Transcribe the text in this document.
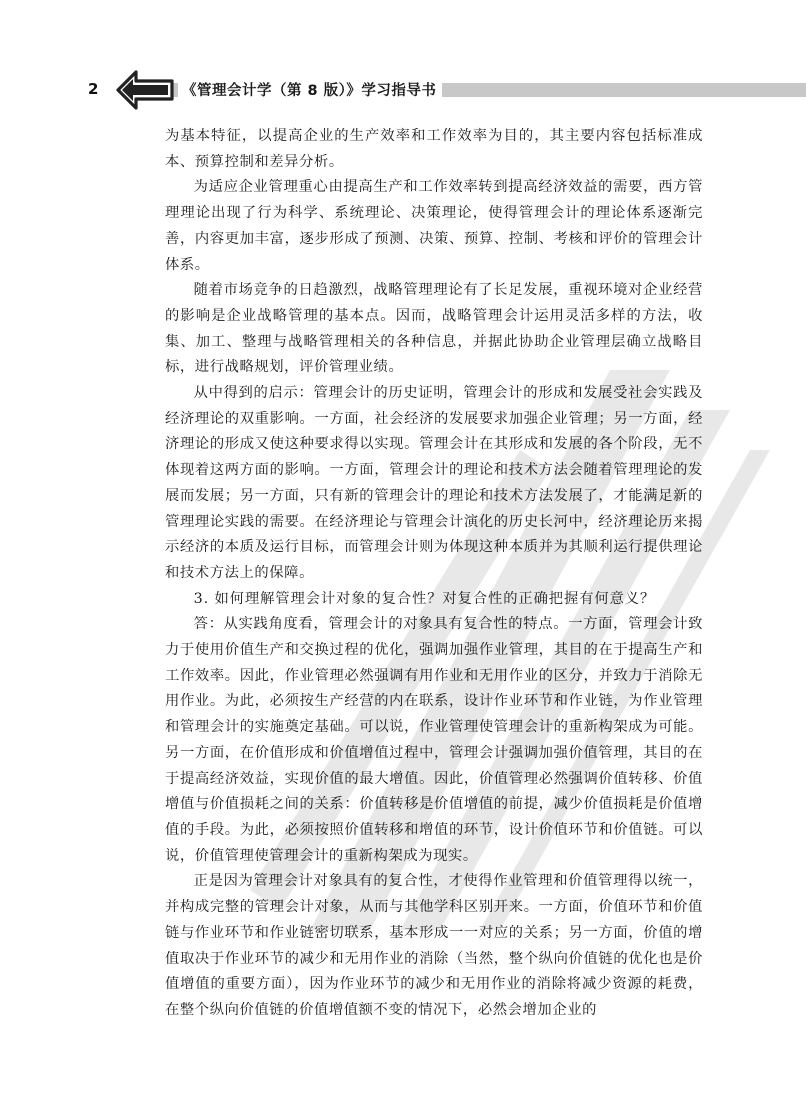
2	《管理会计学（第 8 版）》学习指导书

为基本特征，以提高企业的生产效率和工作效率为目的，其主要内容包括标准成本、预算控制和差异分析。

为适应企业管理重心由提高生产和工作效率转到提高经济效益的需要，西方管理理论出现了行为科学、系统理论、决策理论，使得管理会计的理论体系逐渐完善，内容更加丰富，逐步形成了预测、决策、预算、控制、考核和评价的管理会计体系。

随着市场竞争的日趋激烈，战略管理理论有了长足发展，重视环境对企业经营的影响是企业战略管理的基本点。因而，战略管理会计运用灵活多样的方法，收集、加工、整理与战略管理相关的各种信息，并据此协助企业管理层确立战略目标，进行战略规划，评价管理业绩。

从中得到的启示：管理会计的历史证明，管理会计的形成和发展受社会实践及经济理论的双重影响。一方面，社会经济的发展要求加强企业管理；另一方面，经济理论的形成又使这种要求得以实现。管理会计在其形成和发展的各个阶段，无不体现着这两方面的影响。一方面，管理会计的理论和技术方法会随着管理理论的发展而发展；另一方面，只有新的管理会计的理论和技术方法发展了，才能满足新的管理理论实践的需要。在经济理论与管理会计演化的历史长河中，经济理论历来揭示经济的本质及运行目标，而管理会计则为体现这种本质并为其顺利运行提供理论和技术方法上的保障。

3. 如何理解管理会计对象的复合性？对复合性的正确把握有何意义？

答：从实践角度看，管理会计的对象具有复合性的特点。一方面，管理会计致力于使用价值生产和交换过程的优化，强调加强作业管理，其目的在于提高生产和工作效率。因此，作业管理必然强调有用作业和无用作业的区分，并致力于消除无用作业。为此，必须按生产经营的内在联系，设计作业环节和作业链，为作业管理和管理会计的实施奠定基础。可以说，作业管理使管理会计的重新构架成为可能。另一方面，在价值形成和价值增值过程中，管理会计强调加强价值管理，其目的在于提高经济效益，实现价值的最大增值。因此，价值管理必然强调价值转移、价值增值与价值损耗之间的关系：价值转移是价值增值的前提，减少价值损耗是价值增值的手段。为此，必须按照价值转移和增值的环节，设计价值环节和价值链。可以说，价值管理使管理会计的重新构架成为现实。

正是因为管理会计对象具有的复合性，才使得作业管理和价值管理得以统一，并构成完整的管理会计对象，从而与其他学科区别开来。一方面，价值环节和价值链与作业环节和作业链密切联系，基本形成一一对应的关系；另一方面，价值的增值取决于作业环节的减少和无用作业的消除（当然，整个纵向价值链的优化也是价值增值的重要方面），因为作业环节的减少和无用作业的消除将减少资源的耗费，在整个纵向价值链的价值增值额不变的情况下，必然会增加企业的
